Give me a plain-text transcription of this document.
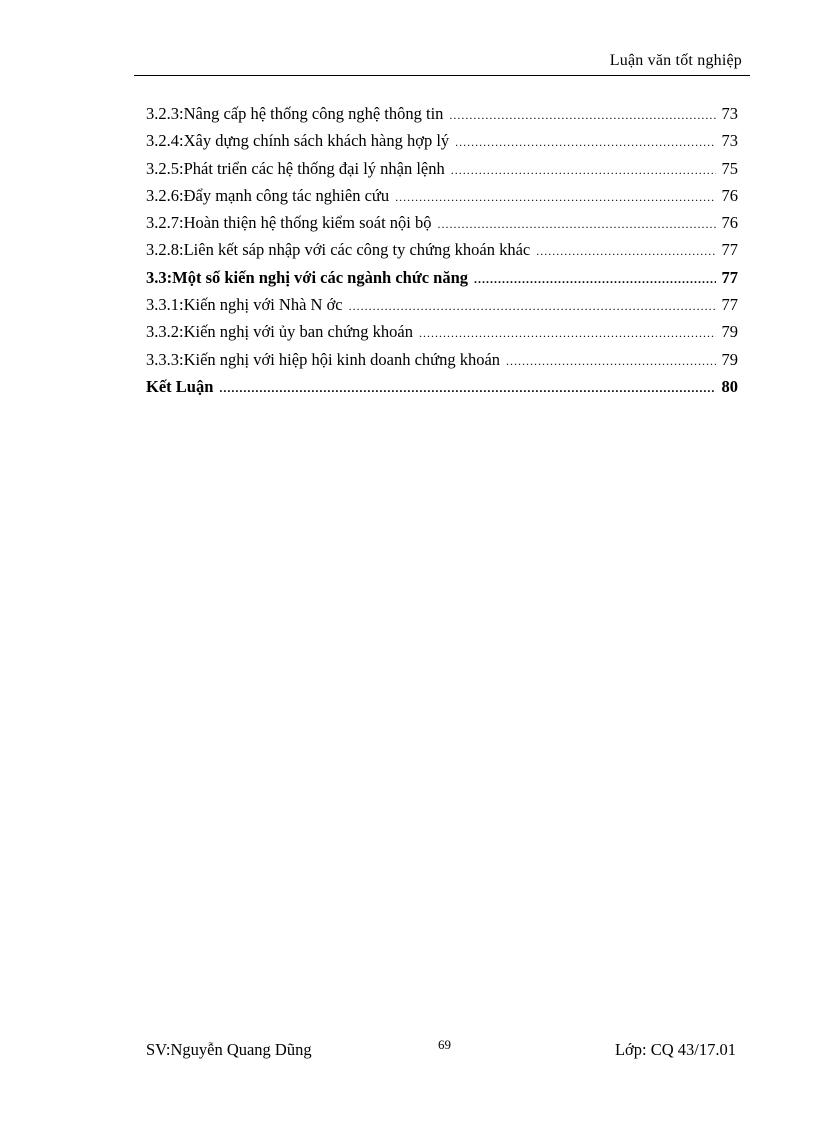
Luận văn tốt nghiệp
3.2.3:Nâng cấp hệ thống công nghệ thông tin .....	73
3.2.4:Xây dựng chính sách khách hàng hợp lý .....	73
3.2.5:Phát triển các hệ thống đại lý nhận lệnh .....	75
3.2.6:Đẩy mạnh công tác nghiên cứu .....	76
3.2.7:Hoàn thiện hệ thống kiểm soát nội bộ .....	76
3.2.8:Liên kết sáp nhập với các công ty chứng khoán khác .....	77
3.3:Một số kiến nghị với các ngành chức năng .....	77
3.3.1:Kiến nghị với Nhà N ớc .....	77
3.3.2:Kiến nghị với ủy ban chứng khoán .....	79
3.3.3:Kiến nghị với hiệp hội kinh doanh chứng khoán .....	79
Kết Luận .....	80
SV:Nguyễn Quang Dũng	69	Lớp: CQ 43/17.01
